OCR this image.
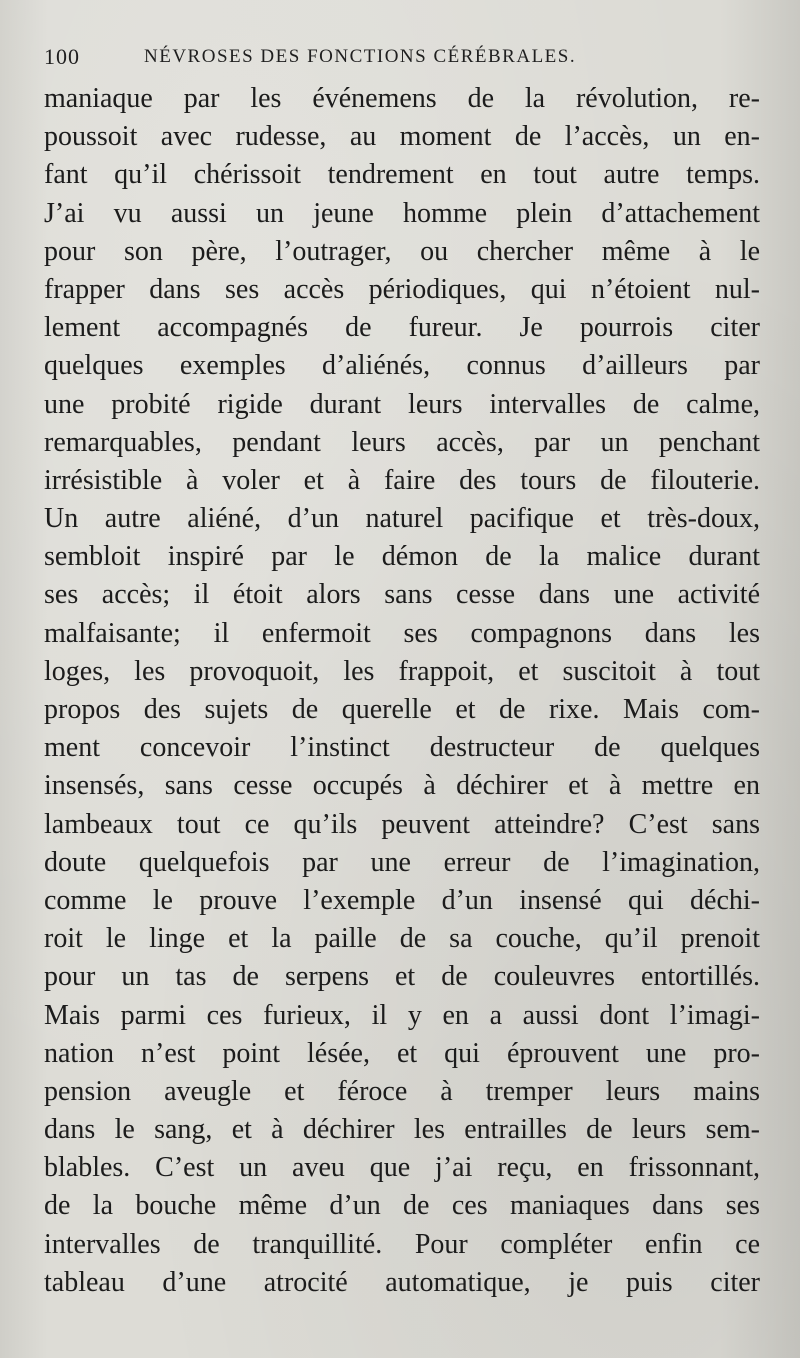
100	NÉVROSES DES FONCTIONS CÉRÉBRALES.
maniaque par les événemens de la révolution, re-
poussoit avec rudesse, au moment de l’accès, un en-
fant qu’il chérissoit tendrement en tout autre temps.
J’ai vu aussi un jeune homme plein d’attachement
pour son père, l’outrager, ou chercher même à le
frapper dans ses accès périodiques, qui n’étoient nul-
lement accompagnés de fureur. Je pourrois citer
quelques exemples d’aliénés, connus d’ailleurs par
une probité rigide durant leurs intervalles de calme,
remarquables, pendant leurs accès, par un penchant
irrésistible à voler et à faire des tours de filouterie.
Un autre aliéné, d’un naturel pacifique et très-doux,
sembloit inspiré par le démon de la malice durant
ses accès; il étoit alors sans cesse dans une activité
malfaisante; il enfermoit ses compagnons dans les
loges, les provoquoit, les frappoit, et suscitoit à tout
propos des sujets de querelle et de rixe. Mais com-
ment concevoir l’instinct destructeur de quelques
insensés, sans cesse occupés à déchirer et à mettre en
lambeaux tout ce qu’ils peuvent atteindre? C’est sans
doute quelquefois par une erreur de l’imagination,
comme le prouve l’exemple d’un insensé qui déchi-
roit le linge et la paille de sa couche, qu’il prenoit
pour un tas de serpens et de couleuvres entortillés.
Mais parmi ces furieux, il y en a aussi dont l’imagi-
nation n’est point lésée, et qui éprouvent une pro-
pension aveugle et féroce à tremper leurs mains
dans le sang, et à déchirer les entrailles de leurs sem-
blables. C’est un aveu que j’ai reçu, en frissonnant,
de la bouche même d’un de ces maniaques dans ses
intervalles de tranquillité. Pour compléter enfin ce
tableau d’une atrocité automatique, je puis citer
